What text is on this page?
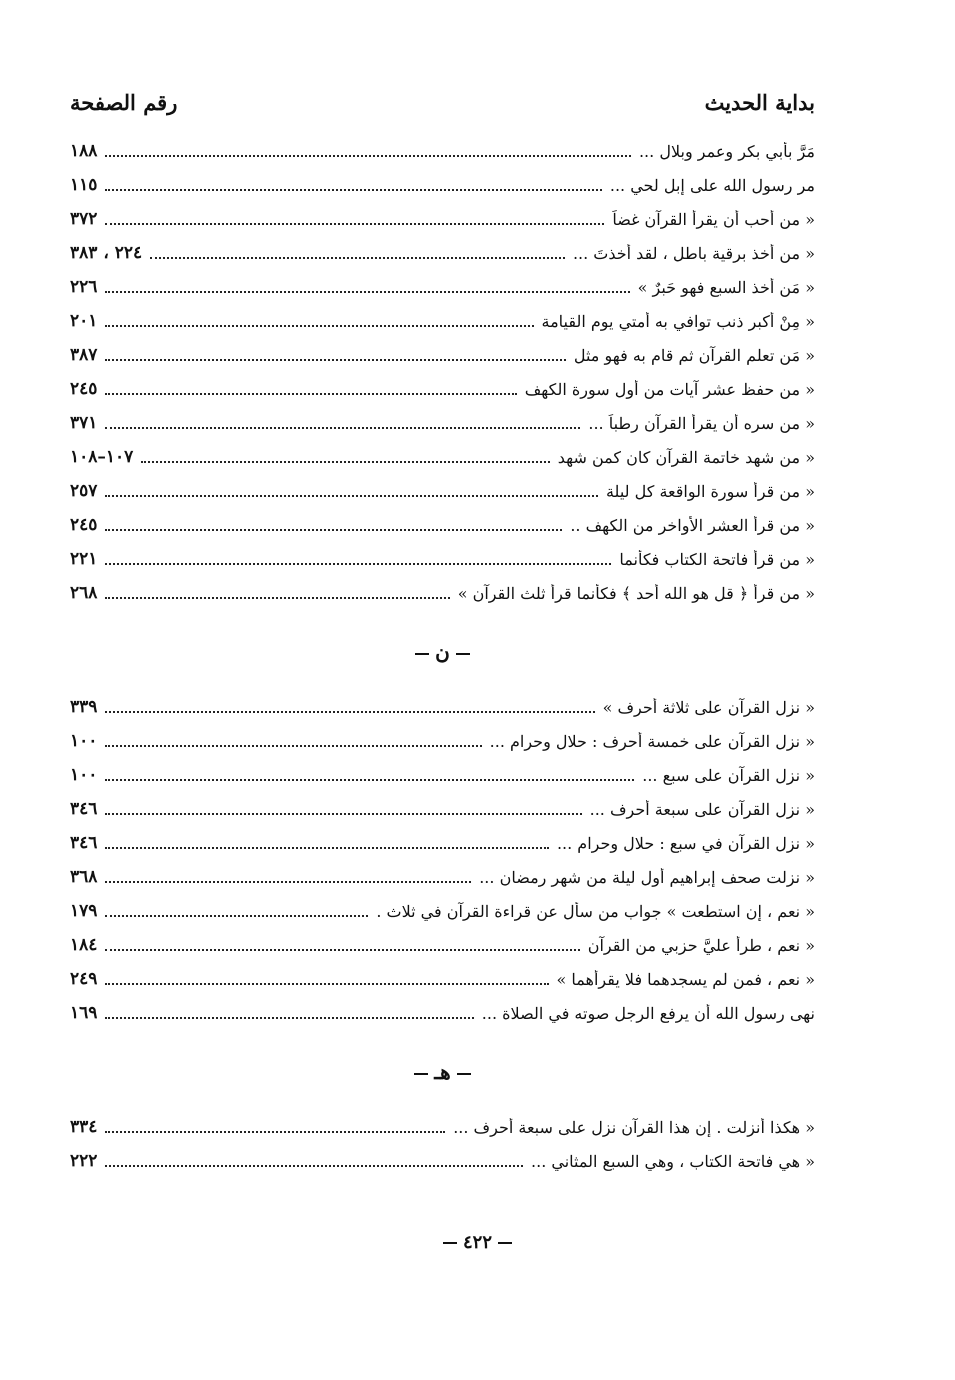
بداية الحديث
رقم الصفحة
مَرَّ بأبي بكر وعمر وبلال ...
١٨٨
مر رسول الله على إبل لحي ...
١١٥
« من أحب أن يقرأ القرآن غضاً
٣٧٢
« من أخذ برقية باطل ، لقد أخذتَ ...
٢٢٤ ، ٣٨٣
« مَن أخذ السبع فهو حَبرٌ »
٢٢٦
« مِنْ أكبر ذنب توافي به أمتي يوم القيامة
٢٠١
« مَن تعلم القرآن ثم قام به فهو مثل
٣٨٧
« من حفظ عشر آيات من أول سورة الكهف
٢٤٥
« من سره أن يقرأ القرآن رطباً ...
٣٧١
« من شهد خاتمة القرآن كان كمن شهد
١٠٧–١٠٨
« من قرأ سورة الواقعة كل ليلة
٢٥٧
« من قرأ العشر الأواخر من الكهف ..
٢٤٥
« من قرأ فاتحة الكتاب فكأنما
٢٢١
« من قرأ ﴿ قل هو الله أحد ﴾ فكأنما قرأ ثلث القرآن »
٢٦٨
ن
« نزل القرآن على ثلاثة أحرف »
٣٣٩
« نزل القرآن على خمسة أحرف : حلال وحرام ...
١٠٠
« نزل القرآن على سبع ...
١٠٠
« نزل القرآن على سبعة أحرف ...
٣٤٦
« نزل القرآن في سبع : حلال وحرام ...
٣٤٦
« نزلت صحف إبراهيم أول ليلة من شهر رمضان ...
٣٦٨
« نعم ، إن استطعت » جواب من سأل عن قراءة القرآن في ثلاث .
١٧٩
« نعم ، طرأ عليَّ حزبي من القرآن
١٨٤
« نعم ، فمن لم يسجدهما فلا يقرأهما »
٢٤٩
نهى رسول الله أن يرفع الرجل صوته في الصلاة ...
١٦٩
هـ
« هكذا أنزلت . إن هذا القرآن نزل على سبعة أحرف ...
٣٣٤
« هي فاتحة الكتاب ، وهي السبع المثاني ...
٢٢٢
٤٢٢
